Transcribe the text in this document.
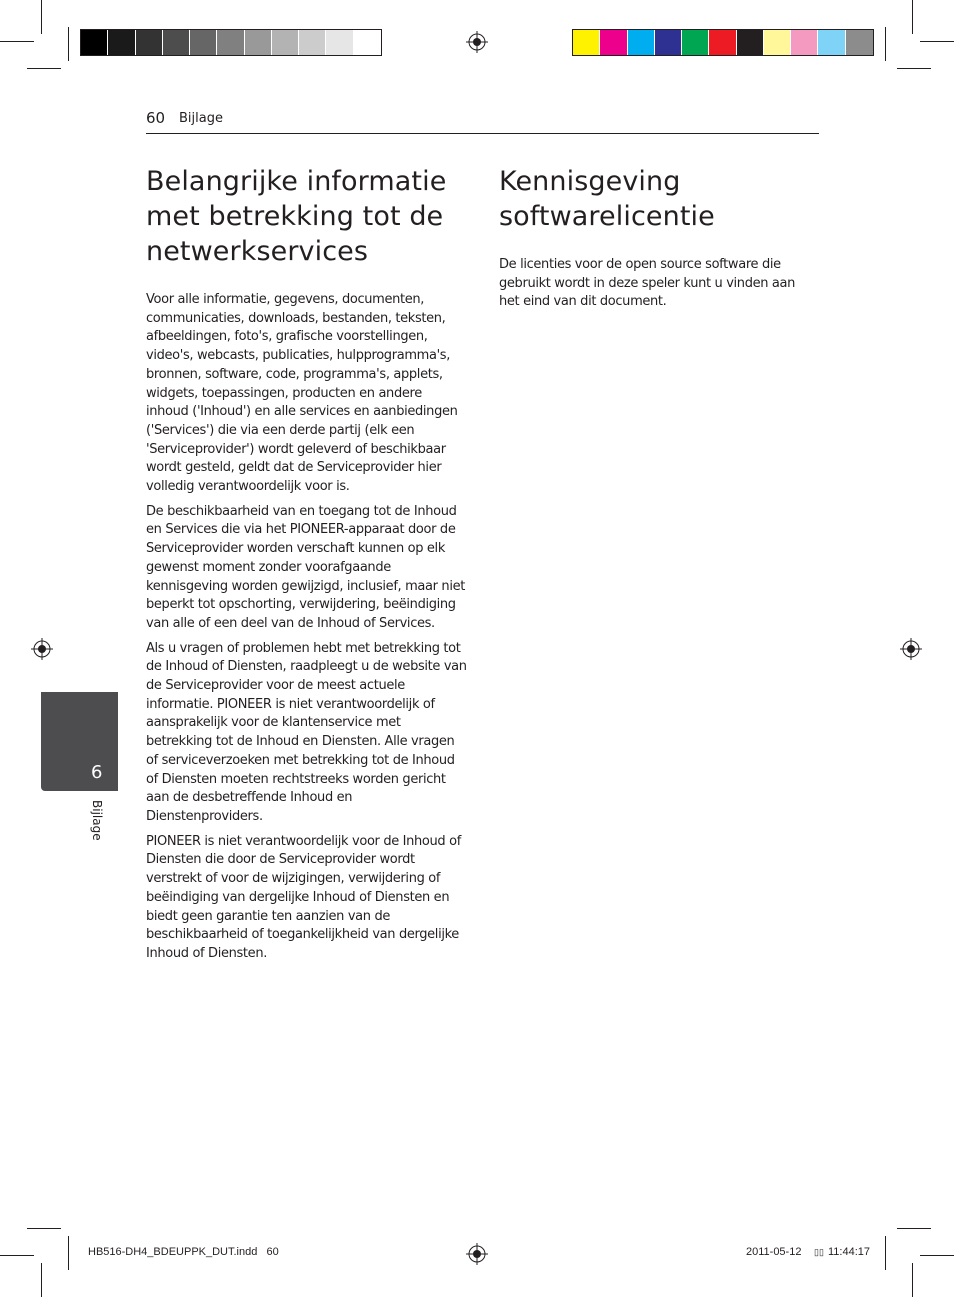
60 Bijlage
Belangrijke informatie
met betrekking tot de
netwerkservices

Voor alle informatie, gegevens, documenten, communicaties, downloads, bestanden, teksten, afbeeldingen, foto's, grafische voorstellingen, video's, webcasts, publicaties, hulpprogramma's, bronnen, software, code, programma's, applets, widgets, toepassingen, producten en andere inhoud ('Inhoud') en alle services en aanbiedingen ('Services') die via een derde partij (elk een 'Serviceprovider') wordt geleverd of beschikbaar wordt gesteld, geldt dat de Serviceprovider hier volledig verantwoordelijk voor is.

De beschikbaarheid van en toegang tot de Inhoud en Services die via het PIONEER-apparaat door de Serviceprovider worden verschaft kunnen op elk gewenst moment zonder voorafgaande kennisgeving worden gewijzigd, inclusief, maar niet beperkt tot opschorting, verwijdering, beëindiging van alle of een deel van de Inhoud of Services.

Als u vragen of problemen hebt met betrekking tot de Inhoud of Diensten, raadpleegt u de website van de Serviceprovider voor de meest actuele informatie. PIONEER is niet verantwoordelijk of aansprakelijk voor de klantenservice met betrekking tot de Inhoud en Diensten. Alle vragen of serviceverzoeken met betrekking tot de Inhoud of Diensten moeten rechtstreeks worden gericht aan de desbetreffende Inhoud en Dienstenproviders.

PIONEER is niet verantwoordelijk voor de Inhoud of Diensten die door de Serviceprovider wordt verstrekt of voor de wijzigingen, verwijdering of beëindiging van dergelijke Inhoud of Diensten en biedt geen garantie ten aanzien van de beschikbaarheid of toegankelijkheid van dergelijke Inhoud of Diensten.

Kennisgeving
softwarelicentie

De licenties voor de open source software die gebruikt wordt in deze speler kunt u vinden aan het eind van dit document.

6
Bijlage
HB516-DH4_BDEUPPK_DUT.indd   60	2011-05-12 ▯▯ 11:44:17
